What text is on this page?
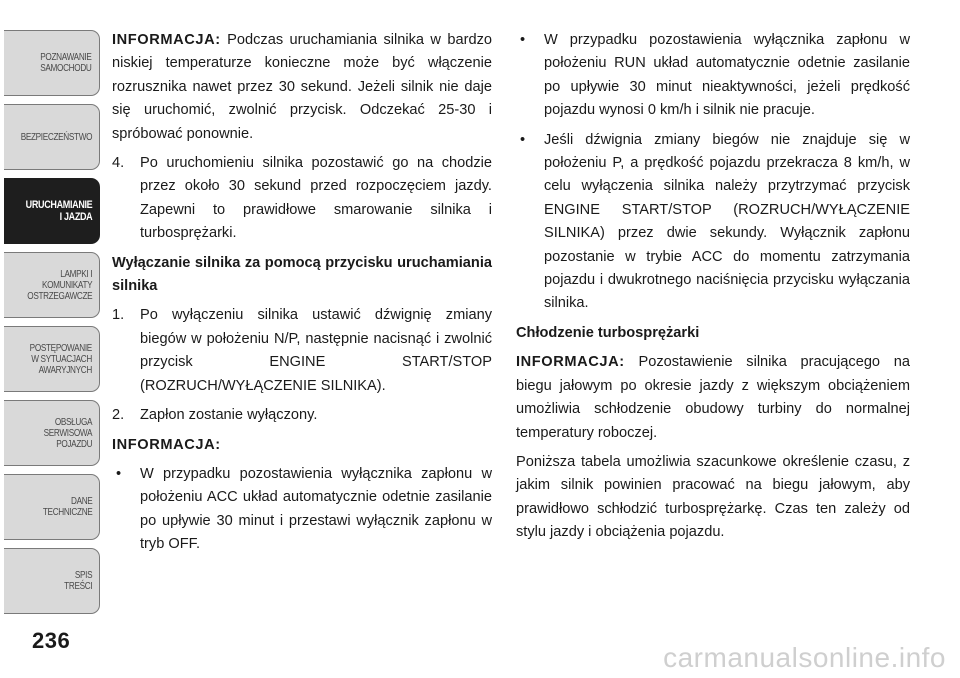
POZNAWANIE
SAMOCHODU
BEZPIECZEŃSTWO
URUCHAMIANIE
I JAZDA
LAMPKI I
KOMUNIKATY
OSTRZEGAWCZE
POSTĘPOWANIE
W SYTUACJACH
AWARYJNYCH
OBSŁUGA
SERWISOWA
POJAZDU
DANE
TECHNICZNE
SPIS
TREŚCI
236

INFORMACJA: Podczas uruchamiania silnika w bardzo niskiej temperaturze konieczne może być włączenie rozrusznika nawet przez 30 sekund. Jeżeli silnik nie daje się uruchomić, zwolnić przycisk. Odczekać 25-30 i spróbować ponownie.

4. Po uruchomieniu silnika pozostawić go na chodzie przez około 30 sekund przed rozpoczęciem jazdy. Zapewni to prawidłowe smarowanie silnika i turbosprężarki.
Wyłączanie silnika za pomocą przycisku uruchamiania silnika
1. Po wyłączeniu silnika ustawić dźwignię zmiany biegów w położeniu N/P, następnie nacisnąć i zwolnić przycisk ENGINE START/STOP (ROZRUCH/WYŁĄCZENIE SILNIKA).
2. Zapłon zostanie wyłączony.

INFORMACJA:

• W przypadku pozostawienia wyłącznika zapłonu w położeniu ACC układ automatycznie odetnie zasilanie po upływie 30 minut i przestawi wyłącznik zapłonu w tryb OFF.
• W przypadku pozostawienia wyłącznika zapłonu w położeniu RUN układ automatycznie odetnie zasilanie po upływie 30 minut nieaktywności, jeżeli prędkość pojazdu wynosi 0 km/h i silnik nie pracuje.
• Jeśli dźwignia zmiany biegów nie znajduje się w położeniu P, a prędkość pojazdu przekracza 8 km/h, w celu wyłączenia silnika należy przytrzymać przycisk ENGINE START/STOP (ROZRUCH/WYŁĄCZENIE SILNIKA) przez dwie sekundy. Wyłącznik zapłonu pozostanie w trybie ACC do momentu zatrzymania pojazdu i dwukrotnego naciśnięcia przycisku wyłączania silnika.
Chłodzenie turbosprężarki

INFORMACJA: Pozostawienie silnika pracującego na biegu jałowym po okresie jazdy z większym obciążeniem umożliwia schłodzenie obudowy turbiny do normalnej temperatury roboczej.

Poniższa tabela umożliwia szacunkowe określenie czasu, z jakim silnik powinien pracować na biegu jałowym, aby prawidłowo schłodzić turbosprężarkę. Czas ten zależy od stylu jazdy i obciążenia pojazdu.

carmanualsonline.info
